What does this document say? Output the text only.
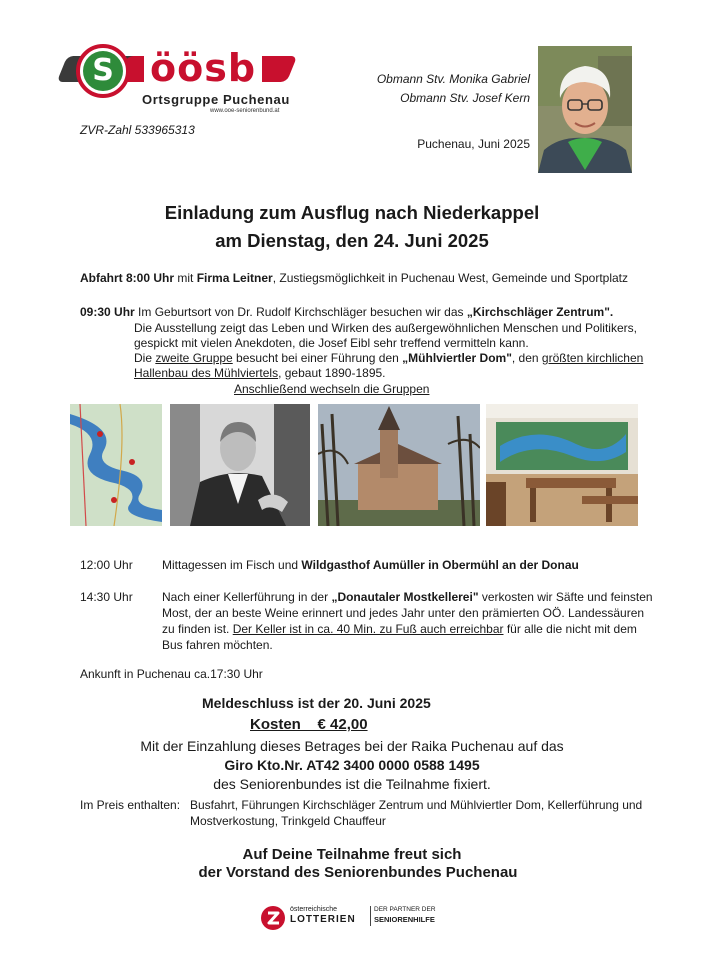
öösb
S
Ortsgruppe Puchenau
www.ooe-seniorenbund.at
ZVR-Zahl 533965313
Obmann Stv. Monika Gabriel
Obmann Stv. Josef Kern
Puchenau, Juni 2025
Einladung zum Ausflug nach Niederkappel
am Dienstag, den 24. Juni 2025
Abfahrt 8:00 Uhr mit Firma Leitner, Zustiegsmöglichkeit in Puchenau West, Gemeinde und Sportplatz
09:30 Uhr Im Geburtsort von Dr. Rudolf Kirchschläger besuchen wir das „Kirchschläger Zentrum".
Die Ausstellung zeigt das Leben und Wirken des außergewöhnlichen Menschen und Politikers,
gespickt mit vielen Anekdoten, die Josef Eibl sehr treffend vermitteln kann.
Die zweite Gruppe besucht bei einer Führung den „Mühlviertler Dom", den größten kirchlichen
Hallenbau des Mühlviertels, gebaut 1890-1895.
Anschließend wechseln die Gruppen
12:00 Uhr Mittagessen im Fisch und Wildgasthof Aumüller in Obermühl an der Donau
14:30 Uhr Nach einer Kellerführung in der „Donautaler Mostkellerei" verkosten wir Säfte und feinsten
Most, der an beste Weine erinnert und jedes Jahr unter den prämierten OÖ. Landessäuren
zu finden ist. Der Keller ist in ca. 40 Min. zu Fuß auch erreichbar für alle die nicht mit dem
Bus fahren möchten.
Ankunft in Puchenau ca.17:30 Uhr
Meldeschluss ist der 20. Juni 2025
Kosten    € 42,00
Mit der Einzahlung dieses Betrages bei der Raika Puchenau auf das
Giro Kto.Nr. AT42 3400 0000 0588 1495
des Seniorenbundes ist die Teilnahme fixiert.
Im Preis enthalten: Busfahrt, Führungen Kirchschläger Zentrum und Mühlviertler Dom, Kellerführung und
Mostverkostung, Trinkgeld Chauffeur
Auf Deine Teilnahme freut sich
der Vorstand des Seniorenbundes Puchenau
österreichische
LOTTERIEN
DER PARTNER DER
SENIORENHILFE
